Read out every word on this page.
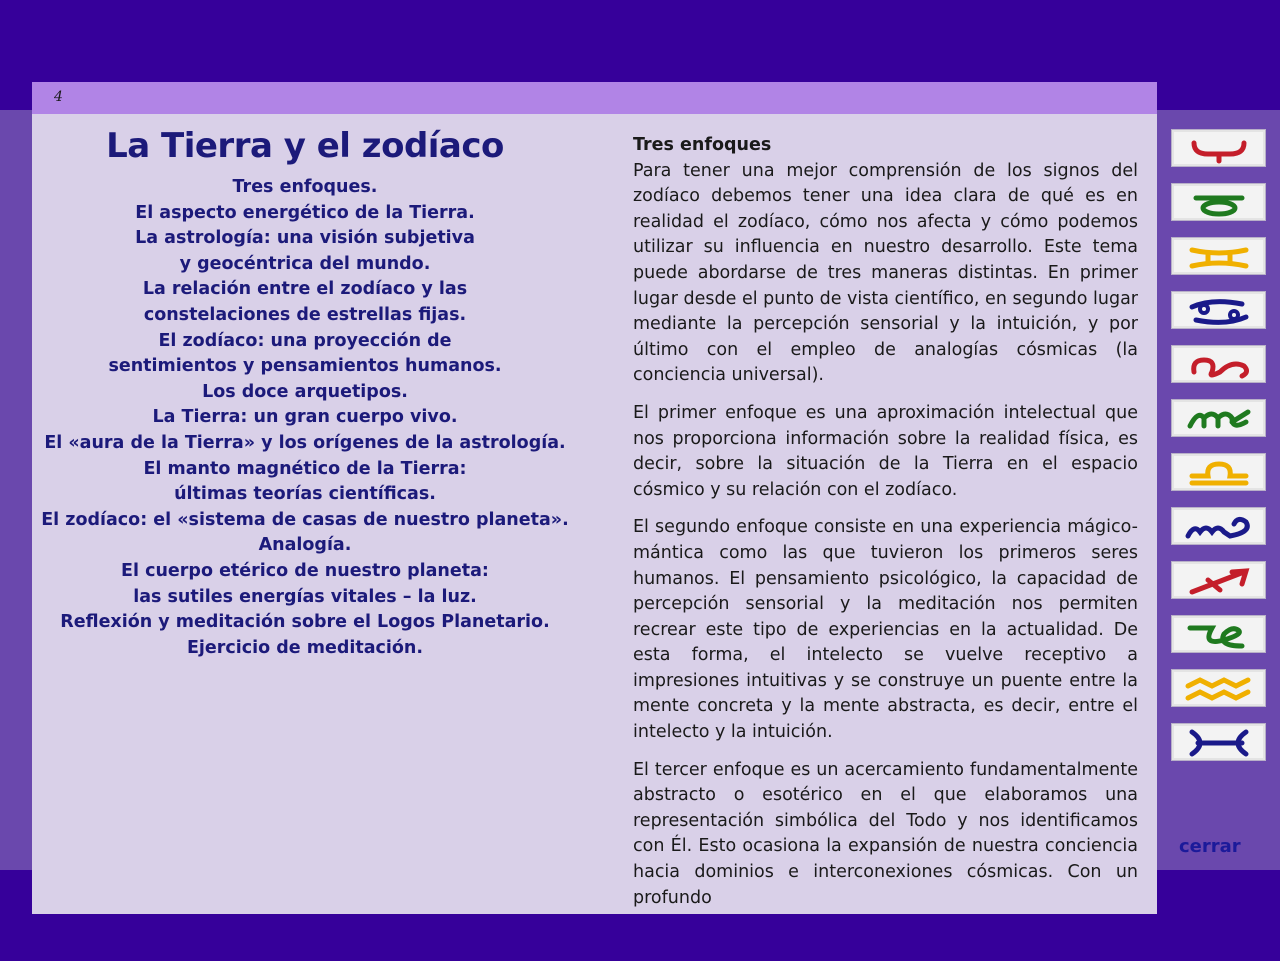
4
La Tierra y el zodíaco
Tres enfoques.
El aspecto energético de la Tierra.
La astrología: una visión subjetiva
y geocéntrica del mundo.
La relación entre el zodíaco y las
constelaciones de estrellas fijas.
El zodíaco: una proyección de
sentimientos y pensamientos humanos.
Los doce arquetipos.
La Tierra: un gran cuerpo vivo.
El «aura de la Tierra» y los orígenes de la astrología.
El manto magnético de la Tierra:
últimas teorías científicas.
El zodíaco: el «sistema de casas de nuestro planeta».
Analogía.
El cuerpo etérico de nuestro planeta:
las sutiles energías vitales – la luz.
Reflexión y meditación sobre el Logos Planetario.
Ejercicio de meditación.
Tres enfoques

Para tener una mejor comprensión de los signos del zodíaco debemos tener una idea clara de qué es en realidad el zodíaco, cómo nos afecta y cómo podemos utilizar su influencia en nuestro desarrollo. Este tema puede abordarse de tres maneras distintas. En primer lugar desde el punto de vista científico, en segundo lugar mediante la percepción sensorial y la intuición, y por último con el empleo de analogías cósmicas (la conciencia universal).

El primer enfoque es una aproximación intelectual que nos proporciona información sobre la realidad física, es decir, sobre la situación de la Tierra en el espacio cósmico y su relación con el zodíaco.

El segundo enfoque consiste en una experiencia mágico-mántica como las que tuvieron los primeros seres humanos. El pensamiento psicológico, la capacidad de percepción sensorial y la meditación nos permiten recrear este tipo de experiencias en la actualidad. De esta forma, el intelecto se vuelve receptivo a impresiones intuitivas y se construye un puente entre la mente concreta y la mente abstracta, es decir, entre el intelecto y la intuición.

El tercer enfoque es un acercamiento fundamentalmente abstracto o esotérico en el que elaboramos una representación simbólica del Todo y nos identificamos con Él. Esto ocasiona la expansión de nuestra conciencia hacia dominios e interconexiones cósmicas. Con un profundo

cerrar
